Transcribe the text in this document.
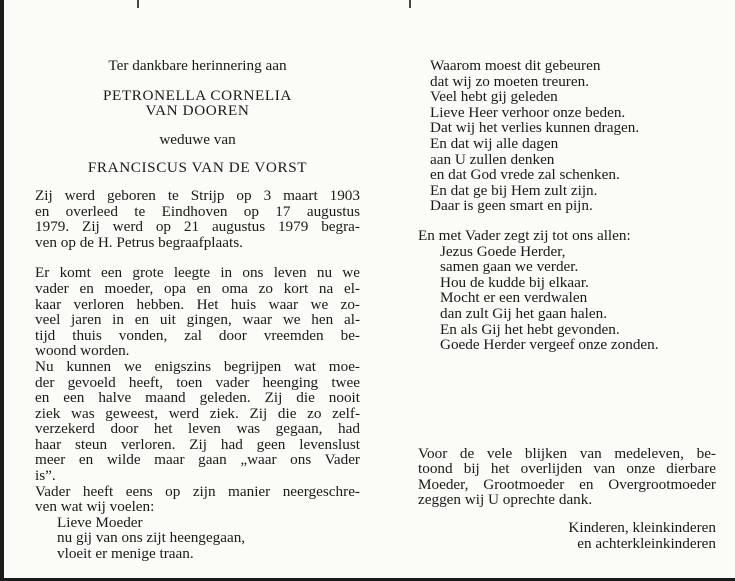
Ter dankbare herinnering aan
PETRONELLA CORNELIA
VAN DOOREN
weduwe van
FRANCISCUS VAN DE VORST
Zij werd geboren te Strijp op 3 maart 1903
en overleed te Eindhoven op 17 augustus
1979. Zij werd op 21 augustus 1979 begra-
ven op de H. Petrus begraafplaats.
Er komt een grote leegte in ons leven nu we
vader en moeder, opa en oma zo kort na el-
kaar verloren hebben. Het huis waar we zo-
veel jaren in en uit gingen, waar we hen al-
tijd thuis vonden, zal door vreemden be-
woond worden.
Nu kunnen we enigszins begrijpen wat moe-
der gevoeld heeft, toen vader heenging twee
en een halve maand geleden. Zij die nooit
ziek was geweest, werd ziek. Zij die zo zelf-
verzekerd door het leven was gegaan, had
haar steun verloren. Zij had geen levenslust
meer en wilde maar gaan „waar ons Vader
is”.
Vader heeft eens op zijn manier neergeschre-
ven wat wij voelen:
Lieve Moeder
nu gij van ons zijt heengegaan,
vloeit er menige traan.
Waarom moest dit gebeuren
dat wij zo moeten treuren.
Veel hebt gij geleden
Lieve Heer verhoor onze beden.
Dat wij het verlies kunnen dragen.
En dat wij alle dagen
aan U zullen denken
en dat God vrede zal schenken.
En dat ge bij Hem zult zijn.
Daar is geen smart en pijn.
En met Vader zegt zij tot ons allen:
Jezus Goede Herder,
samen gaan we verder.
Hou de kudde bij elkaar.
Mocht er een verdwalen
dan zult Gij het gaan halen.
En als Gij het hebt gevonden.
Goede Herder vergeef onze zonden.
Voor de vele blijken van medeleven, be-
toond bij het overlijden van onze dierbare
Moeder, Grootmoeder en Overgrootmoeder
zeggen wij U oprechte dank.
Kinderen, kleinkinderen
en achterkleinkinderen
